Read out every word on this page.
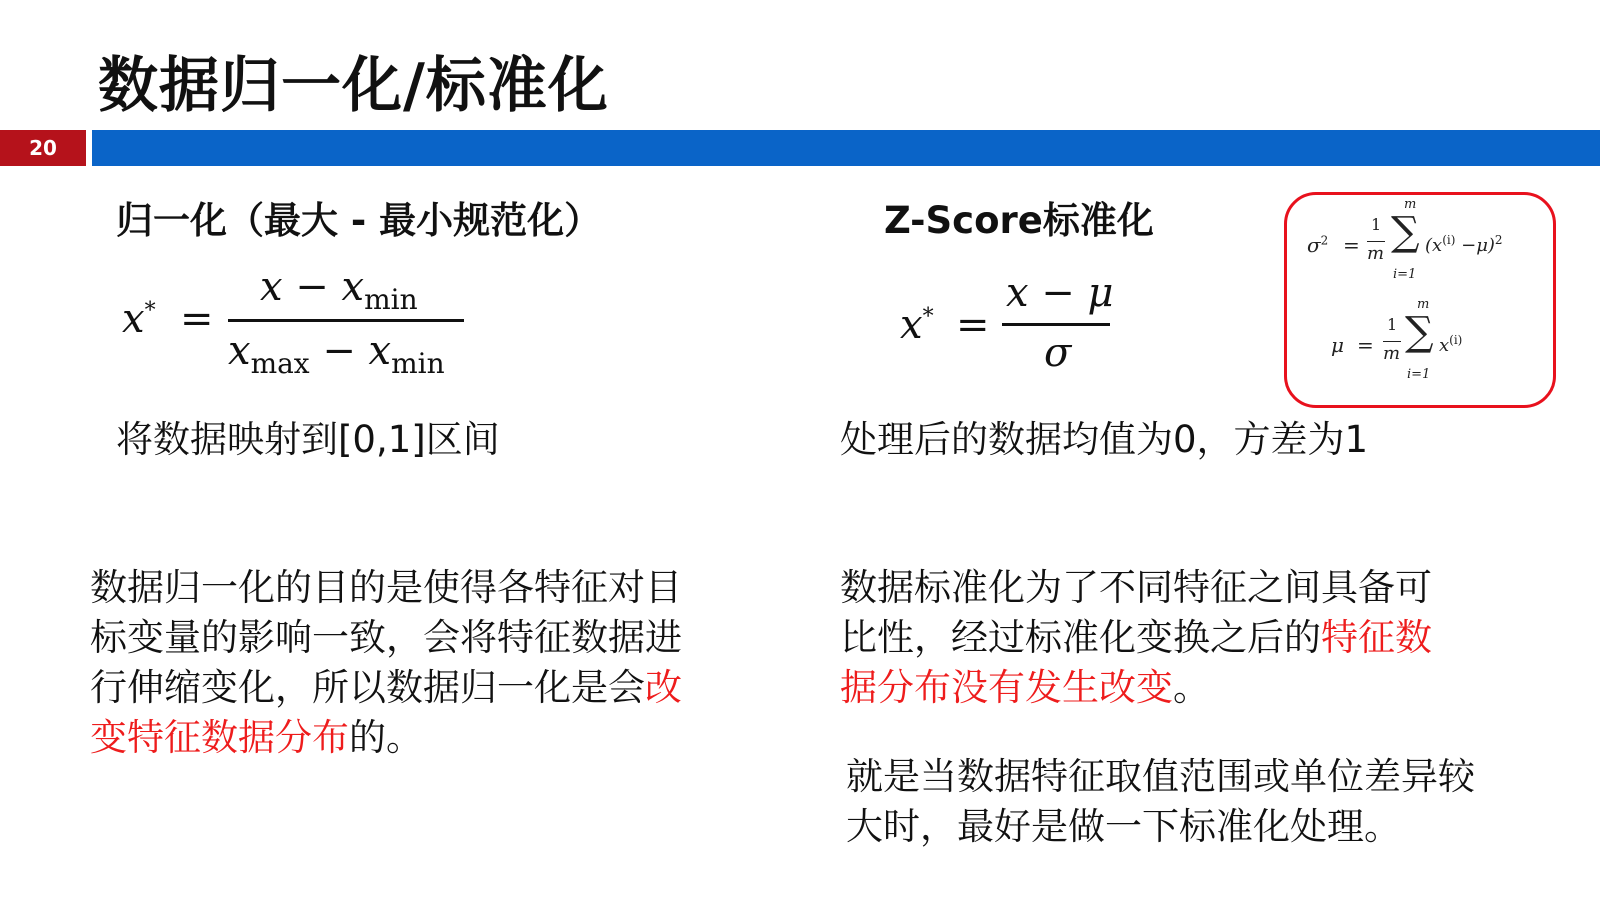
数据归一化/标准化
20
归一化（最大 - 最小规范化）
x* =
$x - x_{min}$
$x_{max} - x_{min}$
将数据映射到[0,1]区间
数据归一化的目的是使得各特征对目标变量的影响一致，会将特征数据进行伸缩变化，所以数据归一化是会改变特征数据分布的。
Z-Score标准化
x* =
x − μ
σ
处理后的数据均值为0，方差为1
数据标准化为了不同特征之间具备可比性，经过标准化变换之后的特征数据分布没有发生改变。
就是当数据特征取值范围或单位差异较大时，最好是做一下标准化处理。
$\sigma^2$ =
1
m
m
∑
i=1
$(x^{(i)} -\mu)^2$
μ =
1
m
m
∑
i=1
$x^{(i)}$
